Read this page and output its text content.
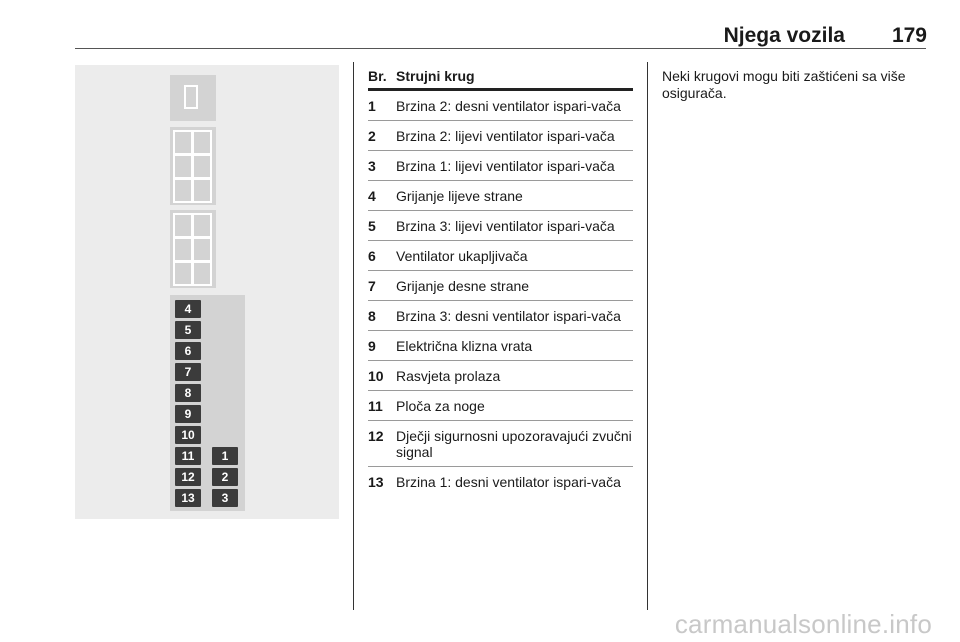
Njega vozila 179
4
5
6
7
8
9
10
11
12
13
1
2
3
Br. Strujni krug
1	Brzina 2: desni ventilator ispari-vača
2	Brzina 2: lijevi ventilator ispari-vača
3	Brzina 1: lijevi ventilator ispari-vača
4	Grijanje lijeve strane
5	Brzina 3: lijevi ventilator ispari-vača
6	Ventilator ukapljivača
7	Grijanje desne strane
8	Brzina 3: desni ventilator ispari-vača
9	Električna klizna vrata
10 Rasvjeta prolaza
11 Ploča za noge
12 Dječji sigurnosni upozoravajući zvučni signal
13 Brzina 1: desni ventilator ispari-vača
Neki krugovi mogu biti zaštićeni sa više osigurača.
carmanualsonline.info
